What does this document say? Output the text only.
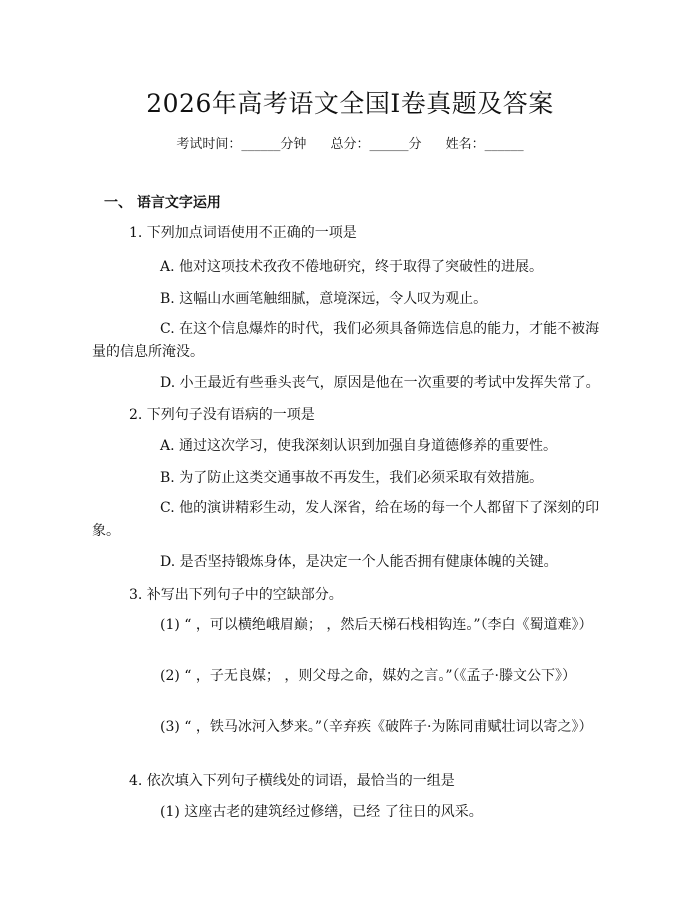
2026年高考语文全国Ⅰ卷真题及答案
考试时间：______分钟 总分：______分 姓名：______
一、 语言文字运用
1. 下列加点词语使用不正确的一项是
A. 他对这项技术孜孜不倦地研究，终于取得了突破性的进展。
B. 这幅山水画笔触细腻，意境深远，令人叹为观止。
C. 在这个信息爆炸的时代，我们必须具备筛选信息的能力，才能不被海量的信息所淹没。
D. 小王最近有些垂头丧气，原因是他在一次重要的考试中发挥失常了。
2. 下列句子没有语病的一项是
A. 通过这次学习，使我深刻认识到加强自身道德修养的重要性。
B. 为了防止这类交通事故不再发生，我们必须采取有效措施。
C. 他的演讲精彩生动，发人深省，给在场的每一个人都留下了深刻的印象。
D. 是否坚持锻炼身体，是决定一个人能否拥有健康体魄的关键。
3. 补写出下列句子中的空缺部分。
(1) “ ，可以横绝峨眉巅； ，然后天梯石栈相钩连。”（李白《蜀道难》）
(2) “ ，子无良媒； ，则父母之命，媒妁之言。”（《孟子·滕文公下》）
(3) “ ，铁马冰河入梦来。”（辛弃疾《破阵子·为陈同甫赋壮词以寄之》）
4. 依次填入下列句子横线处的词语，最恰当的一组是
(1) 这座古老的建筑经过修缮，已经 了往日的风采。
